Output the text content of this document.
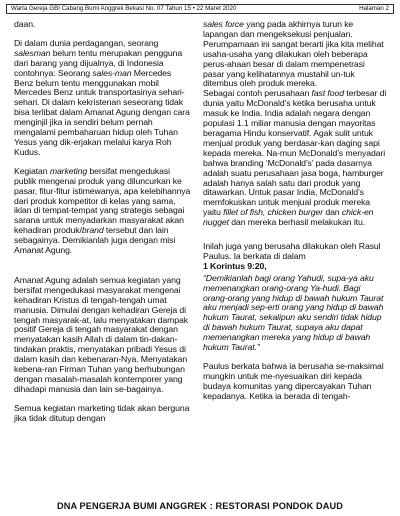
Warta Gereja GBI Cabang Bumi Anggrek Bekasi No. 07 Tahun 15 • 22 Maret 2020	Halaman 2

daan.

Di dalam dunia perdagangan, seorang salesman belum tentu merupakan pengguna dari barang yang dijualnya, di Indonesia contohnya: Seorang sales-man Mercedes Benz belum tentu menggunakan mobil Mercedes Benz untuk transportasinya sehari-sehari. Di dalam kekristenan seseorang tidak bisa terlibat dalam Amanat Agung dengan cara menginjil jika ia sendiri belum pernah mengalami pembaharuan hidup oleh Tuhan Yesus yang dik-erjakan melalui karya Roh Kudus.

Kegiatan marketing bersifat mengedukasi publik mengenai produk yang diluncurkan ke pasar, fitur-fitur istimewanya, apa kelebihannya dari produk kompetitor di kelas yang sama, iklan di tempat-tempat yang strategis sebagai sarana untuk menyadarkan masyarakat akan kehadiran produk/brand tersebut dan lain sebagainya. Demikianlah juga dengan misi Amanat Agung.

Amanat Agung adalah semua kegiatan yang bersifat mengedukasi masyarakat mengenai kehadiran Kristus di tengah-tengah umat manusia. Dimulai dengan kehadiran Gereja di tengah masyarak-at, lalu menyatakan dampak positif Gereja di tengah masyarakat dengan menyatakan kasih Allah di dalam tin-dakan-tindakan praktis, menyatakan pribadi Yesus di dalam kasih dan kebenaran-Nya. Menyatakan kebena-ran Firman Tuhan yang berhubungan dengan masalah-masalah kontemporer yang dihadapi manusia dan lain se-bagainya.

Semua kegiatan marketing tidak akan berguna jika tidak ditutup dengan

sales force yang pada akhirnya turun ke lapangan dan mengeksekusi penjualan. Perumpamaan ini sangat berarti jika kita melihat usaha-usaha yang dilakukan oleh beberapa perus-ahaan besar di dalam mempenetrasi pasar yang kelihatannya mustahil un-tuk ditembus oleh produk mereka.

Sebagai contoh perusahaan fast food terbesar di dunia yaitu McDonald’s ketika berusaha untuk masuk ke India. India adalah negara dengan populasi 1.1 miliar manusia dengan mayoritas beragama Hindu konservatif. Agak sulit untuk menjual produk yang berdasar-kan daging sapi kepada mereka. Na-mun McDonald’s menyadari bahwa branding ‘McDonald’s’ pada dasarnya adalah suatu perusahaan jasa boga, hamburger adalah hanya salah satu dari produk yang ditawarkan. Untuk pasar India, McDonald’s memfokuskan untuk menjual produk mereka yaitu fillet of fish, chicken burger dan chick-en nugget dan mereka berhasil melakukan itu.

Inilah juga yang berusaha dilakukan oleh Rasul Paulus. Ia berkata di dalam
1 Korintus 9:20,

“Demikianlah bagi orang Yahudi, supa-ya aku memenangkan orang-orang Ya-hudi. Bagi orang-orang yang hidup di bawah hukum Taurat aku menjadi sep-erti orang yang hidup di bawah hukum Taurat, sekalipun aku sendiri tidak hidup di bawah hukum Taurat, supaya aku dapat memenangkan mereka yang hidup di bawah hukum Taurat.”

Paulus berkata bahwa ia berusaha se-maksimal mungkin untuk me-nyesuaikan diri kepada budaya komunitas yang dipercayakan Tuhan kepadanya. Ketika ia berada di tengah-

DNA PENGERJA BUMI ANGGREK : RESTORASI PONDOK DAUD
